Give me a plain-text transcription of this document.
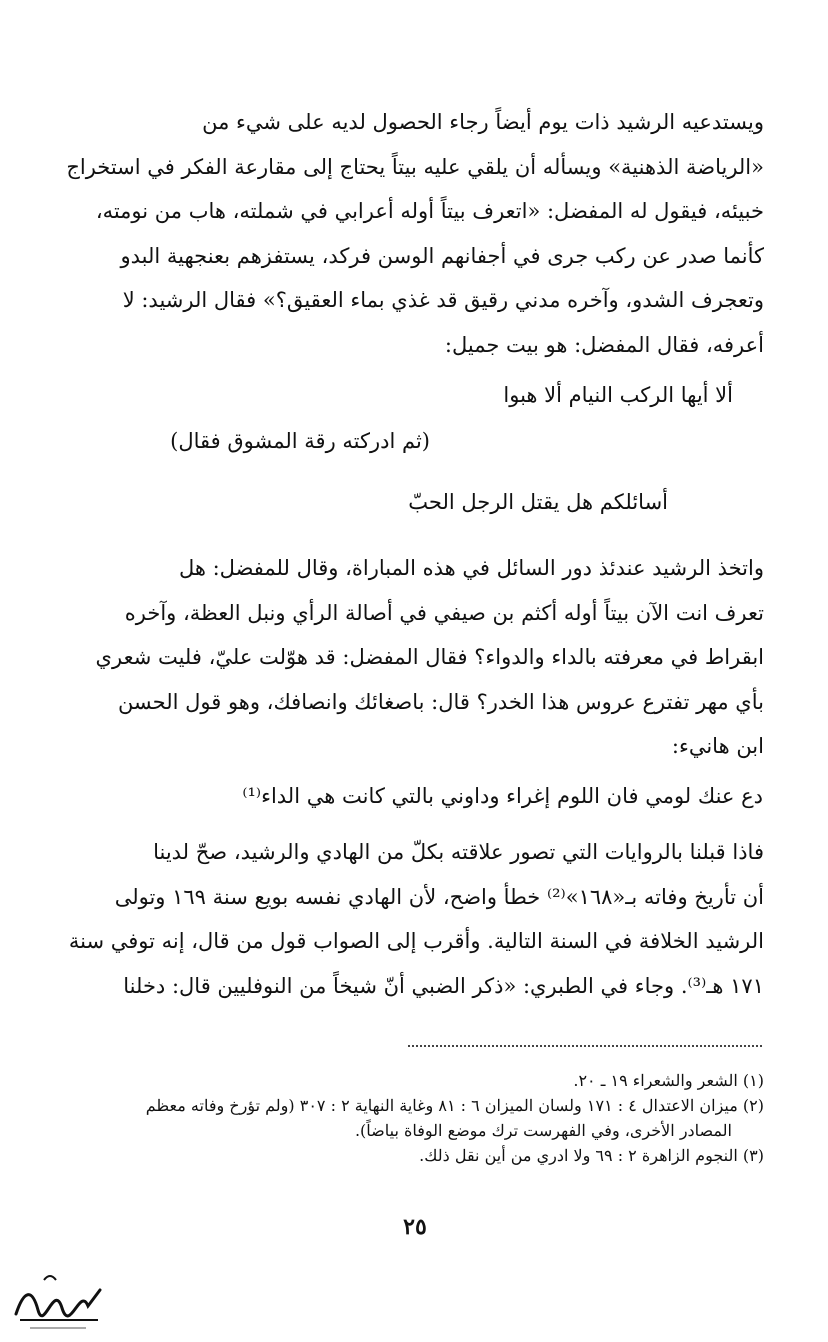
ويستدعيه الرشيد ذات يوم أيضاً رجاء الحصول لديه على شيء من
«الرياضة الذهنية» ويسأله أن يلقي عليه بيتاً يحتاج إلى مقارعة الفكر في استخراج
خبيئه، فيقول له المفضل: «اتعرف بيتاً أوله أعرابي في شملته، هاب من نومته،
كأنما صدر عن ركب جرى في أجفانهم الوسن فركد، يستفزهم بعنجهية البدو
وتعجرف الشدو، وآخره مدني رقيق قد غذي بماء العقيق؟» فقال الرشيد: لا
أعرفه، فقال المفضل: هو بيت جميل:
ألا أيها الركب النيام ألا هبوا
(ثم ادركته رقة المشوق فقال)
أسائلكم هل يقتل الرجل الحبّ
واتخذ الرشيد عندئذ دور السائل في هذه المباراة، وقال للمفضل: هل
تعرف انت الآن بيتاً أوله أكثم بن صيفي في أصالة الرأي ونبل العظة، وآخره
ابقراط في معرفته بالداء والدواء؟ فقال المفضل: قد هوّلت عليّ، فليت شعري
بأي مهر تفترع عروس هذا الخدر؟ قال: باصغائك وانصافك، وهو قول الحسن
ابن هانيء:
دع عنك لومي فان اللوم إغراء وداوني بالتي كانت هي الداء⁽¹⁾
فاذا قبلنا بالروايات التي تصور علاقته بكلّ من الهادي والرشيد، صحّ لدينا
أن تأريخ وفاته بـ«١٦٨»⁽²⁾ خطأ واضح، لأن الهادي نفسه بويع سنة ١٦٩ وتولى
الرشيد الخلافة في السنة التالية. وأقرب إلى الصواب قول من قال، إنه توفي سنة
١٧١ هـ⁽³⁾. وجاء في الطبري: «ذكر الضبي أنّ شيخاً من النوفليين قال: دخلنا
(١) الشعر والشعراء ١٩ ـ ٢٠.
(٢) ميزان الاعتدال ٤ : ١٧١ ولسان الميزان ٦ : ٨١ وغاية النهاية ٢ : ٣٠٧ (ولم تؤرخ وفاته معظم
المصادر الأخرى، وفي الفهرست ترك موضع الوفاة بياضاً).
(٣) النجوم الزاهرة ٢ : ٦٩ ولا ادري من أين نقل ذلك.
٢٥
